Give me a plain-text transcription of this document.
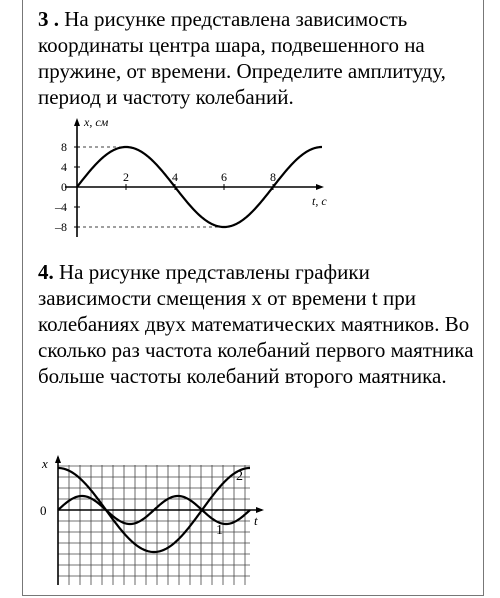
3 . На рисунке представлена зависимость координаты центра шара, подвешенного на пружине, от времени. Определите амплитуду, период и частоту колебаний.

x, см
t, с
8
4
0
–4
–8
2	4	6	8

4. На рисунке представлены графики зависимости смещения x от времени t при колебаниях двух математических маятников. Во сколько раз частота колебаний первого маятника больше частоты колебаний второго маятника.

x
t
0
2
1
